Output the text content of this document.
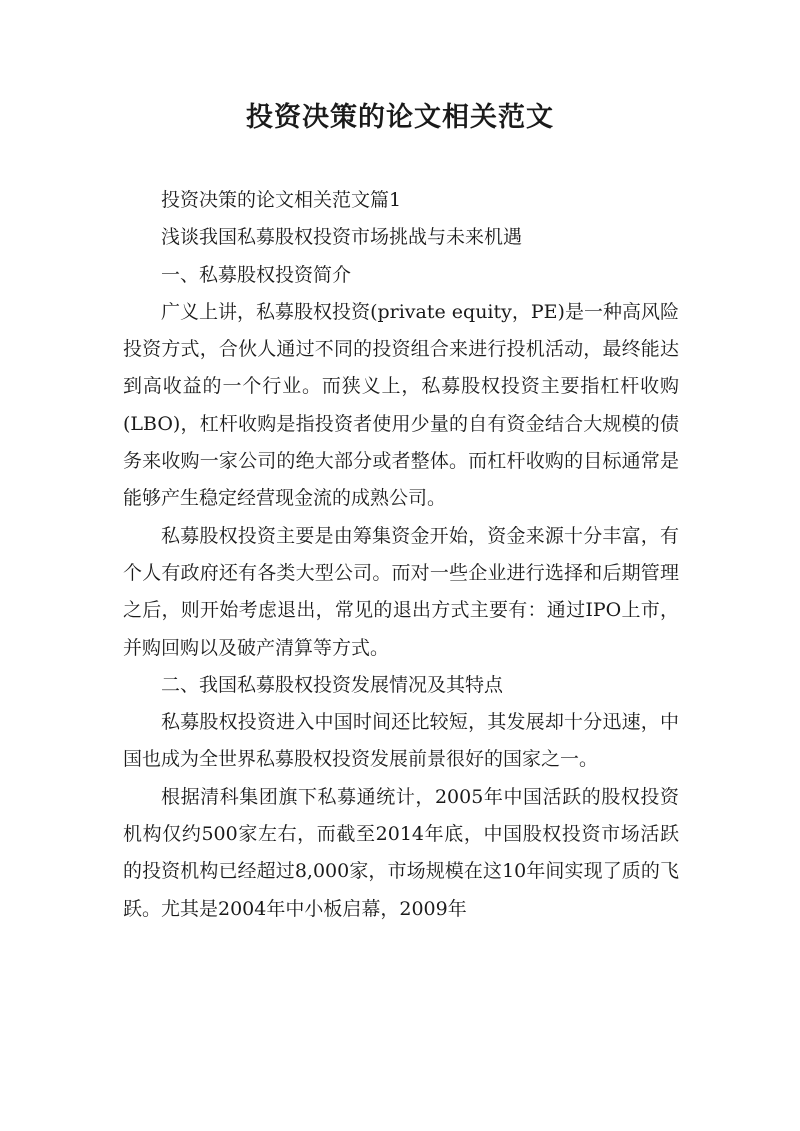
投资决策的论文相关范文

投资决策的论文相关范文篇1

浅谈我国私募股权投资市场挑战与未来机遇

一、私募股权投资简介

广义上讲，私募股权投资(private equity，PE)是一种高风险投资方式，合伙人通过不同的投资组合来进行投机活动，最终能达到高收益的一个行业。而狭义上，私募股权投资主要指杠杆收购(LBO)，杠杆收购是指投资者使用少量的自有资金结合大规模的债务来收购一家公司的绝大部分或者整体。而杠杆收购的目标通常是能够产生稳定经营现金流的成熟公司。

私募股权投资主要是由筹集资金开始，资金来源十分丰富，有个人有政府还有各类大型公司。而对一些企业进行选择和后期管理之后，则开始考虑退出，常见的退出方式主要有：通过IPO上市，并购回购以及破产清算等方式。

二、我国私募股权投资发展情况及其特点

私募股权投资进入中国时间还比较短，其发展却十分迅速，中国也成为全世界私募股权投资发展前景很好的国家之一。

根据清科集团旗下私募通统计，2005年中国活跃的股权投资机构仅约500家左右，而截至2014年底，中国股权投资市场活跃的投资机构已经超过8,000家，市场规模在这10年间实现了质的飞跃。尤其是2004年中小板启幕，2009年
